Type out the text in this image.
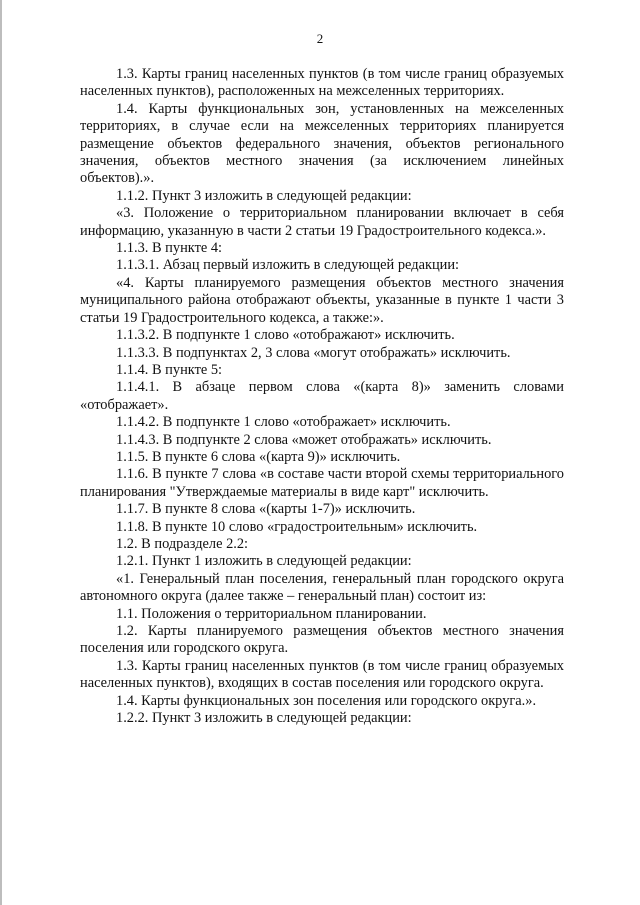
2

1.3. Карты границ населенных пунктов (в том числе границ образуемых населенных пунктов), расположенных на межселенных территориях.

1.4. Карты функциональных зон, установленных на межселенных территориях, в случае если на межселенных территориях планируется размещение объектов федерального значения, объектов регионального значения, объектов местного значения (за исключением линейных объектов).».

1.1.2. Пункт 3 изложить в следующей редакции:

«3. Положение о территориальном планировании включает в себя информацию, указанную в части 2 статьи 19 Градостроительного кодекса.».

1.1.3. В пункте 4:

1.1.3.1. Абзац первый изложить в следующей редакции:

«4. Карты планируемого размещения объектов местного значения муниципального района отображают объекты, указанные в пункте 1 части 3 статьи 19 Градостроительного кодекса, а также:».

1.1.3.2. В подпункте 1 слово «отображают» исключить.

1.1.3.3. В подпунктах 2, 3 слова «могут отображать» исключить.

1.1.4. В пункте 5:

1.1.4.1. В абзаце первом слова «(карта 8)» заменить словами «отображает».

1.1.4.2. В подпункте 1 слово «отображает» исключить.

1.1.4.3. В подпункте 2 слова «может отображать» исключить.

1.1.5. В пункте 6 слова «(карта 9)» исключить.

1.1.6. В пункте 7 слова «в составе части второй схемы территориального планирования "Утверждаемые материалы в виде карт" исключить.

1.1.7. В пункте 8 слова «(карты 1-7)» исключить.

1.1.8. В пункте 10 слово «градостроительным» исключить.

1.2. В подразделе 2.2:

1.2.1. Пункт 1 изложить в следующей редакции:

«1. Генеральный план поселения, генеральный план городского округа автономного округа (далее также – генеральный план) состоит из:

1.1. Положения о территориальном планировании.

1.2. Карты планируемого размещения объектов местного значения поселения или городского округа.

1.3. Карты границ населенных пунктов (в том числе границ образуемых населенных пунктов), входящих в состав поселения или городского округа.

1.4. Карты функциональных зон поселения или городского округа.».

1.2.2. Пункт 3 изложить в следующей редакции:
